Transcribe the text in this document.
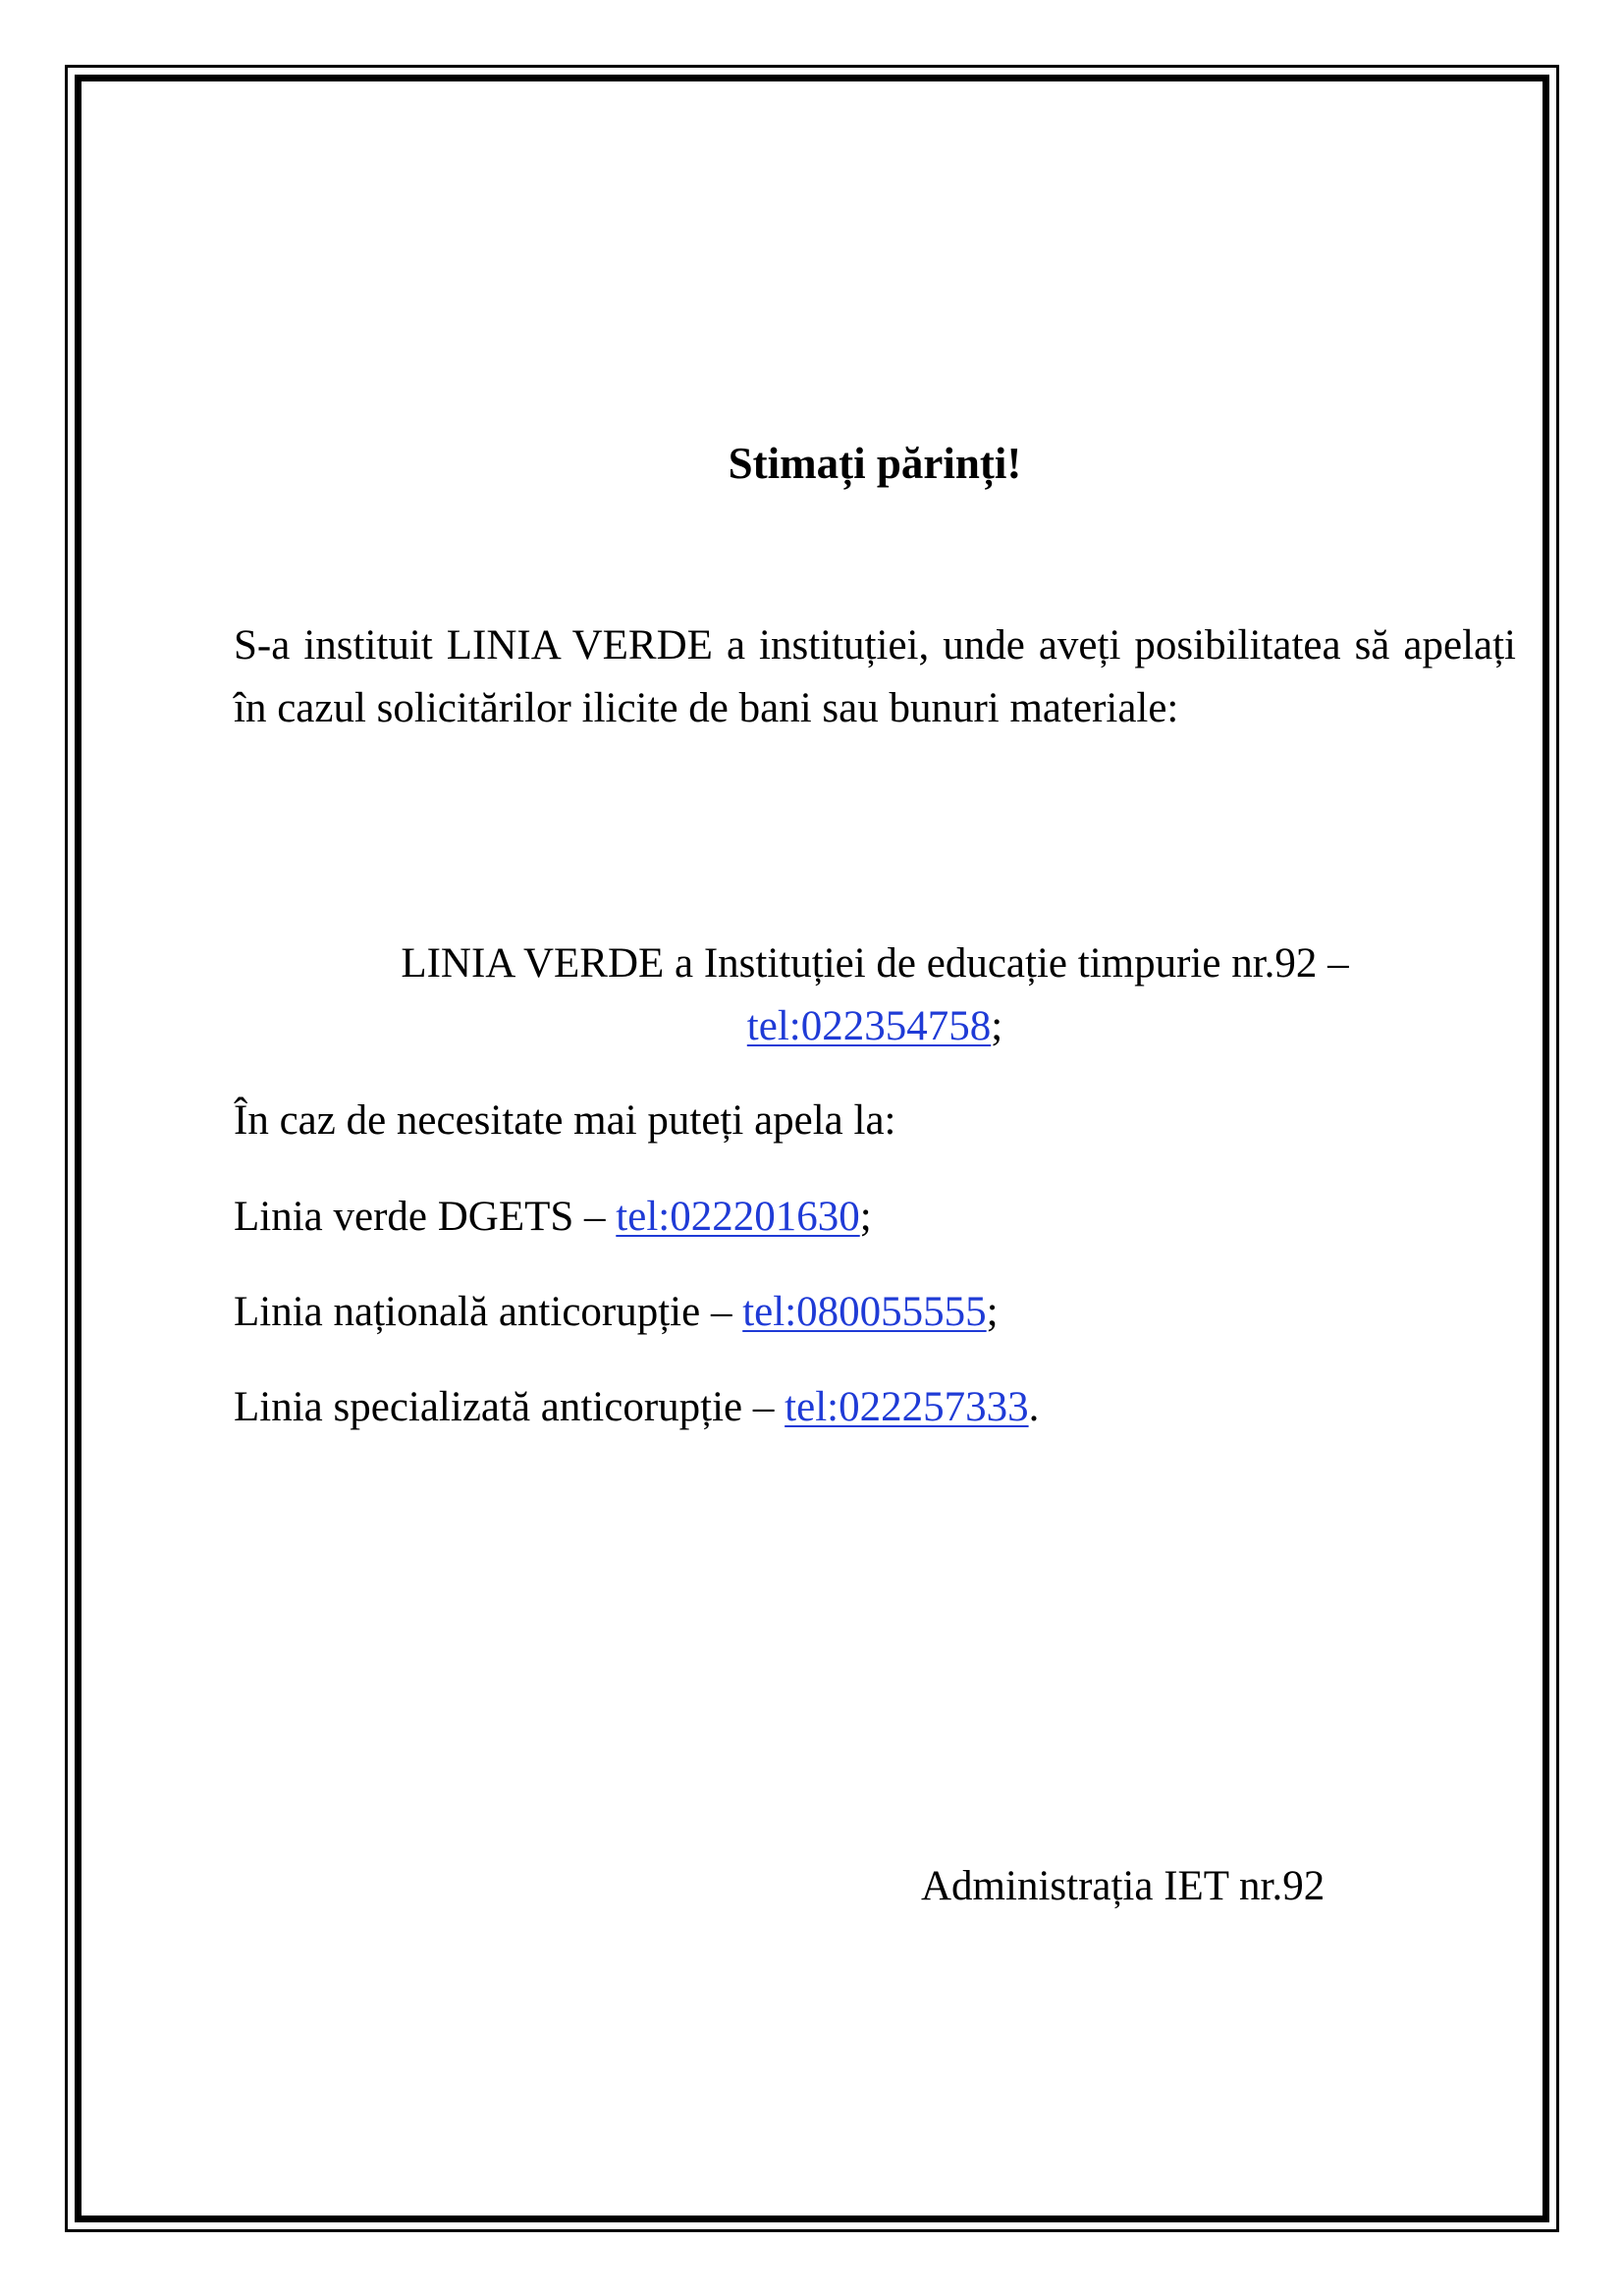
Stimați părinți!

S-a instituit LINIA VERDE a instituției, unde aveți posibilitatea să apelați în cazul solicitărilor ilicite de bani sau bunuri materiale:

LINIA VERDE a Instituției de educație timpurie nr.92 –
tel:022354758;

În caz de necesitate mai puteți apela la:

Linia verde DGETS – tel:022201630;

Linia națională anticorupție – tel:080055555;

Linia specializată anticorupție – tel:022257333.

Administrația IET nr.92
